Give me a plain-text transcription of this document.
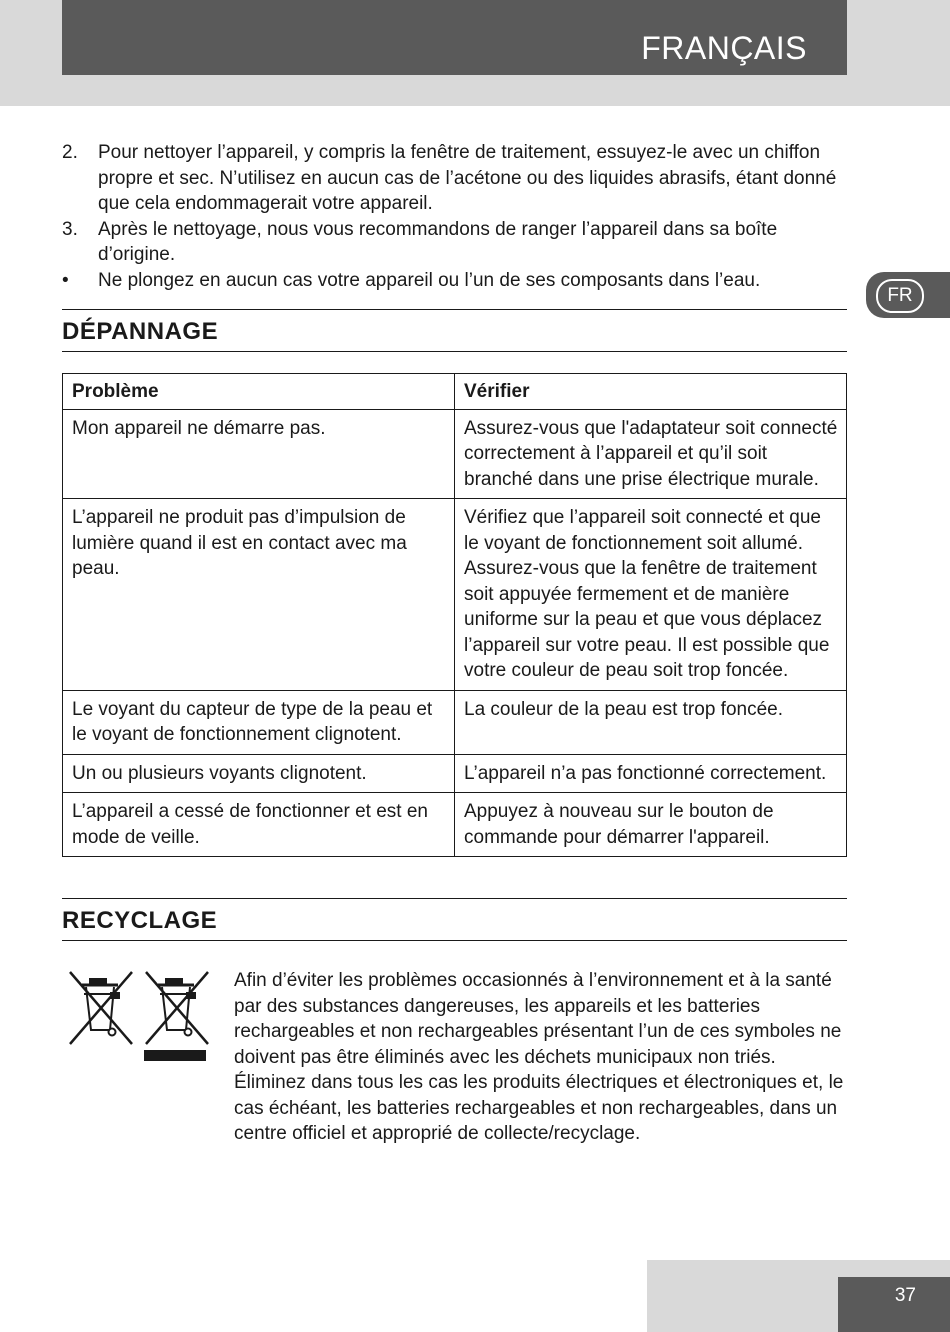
FRANÇAIS
FR
2. Pour nettoyer l’appareil, y compris la fenêtre de traitement, essuyez-le avec un chiffon propre et sec. N’utilisez en aucun cas de l’acétone ou des liquides abrasifs, étant donné que cela endommagerait votre appareil.
3. Après le nettoyage, nous vous recommandons de ranger l’appareil dans sa boîte d’origine.
• Ne plongez en aucun cas votre appareil ou l’un de ses composants dans l’eau.
DÉPANNAGE
Problème	Vérifier
Mon appareil ne démarre pas.	Assurez-vous que l'adaptateur soit connecté correctement à l’appareil et qu’il soit branché dans une prise électrique murale.
L’appareil ne produit pas d’impulsion de lumière quand il est en contact avec ma peau.	Vérifiez que l’appareil soit connecté et que le voyant de fonctionnement soit allumé. Assurez-vous que la fenêtre de traitement soit appuyée fermement et de manière uniforme sur la peau et que vous déplacez l’appareil sur votre peau. Il est possible que votre couleur de peau soit trop foncée.
Le voyant du capteur de type de la peau et le voyant de fonctionnement clignotent.	La couleur de la peau est trop foncée.
Un ou plusieurs voyants clignotent.	L’appareil n’a pas fonctionné correctement.
L’appareil a cessé de fonctionner et est en mode de veille.	Appuyez à nouveau sur le bouton de commande pour démarrer l'appareil.
RECYCLAGE
Afin d’éviter les problèmes occasionnés à l’environnement et à la santé par des substances dangereuses, les appareils et les batteries rechargeables et non rechargeables présentant l’un de ces symboles ne doivent pas être éliminés avec les déchets municipaux non triés. Éliminez dans tous les cas les produits électriques et électroniques et, le cas échéant, les batteries rechargeables et non rechargeables, dans un centre officiel et approprié de collecte/recyclage.
37
